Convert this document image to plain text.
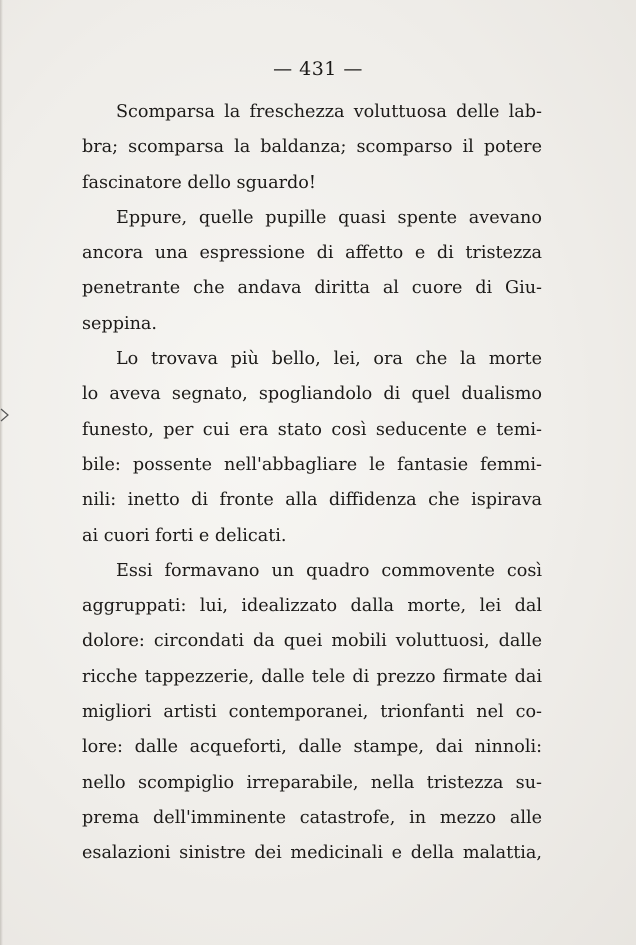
— 431 —
Scomparsa la freschezza voluttuosa delle lab-
bra; scomparsa la baldanza; scomparso il potere
fascinatore dello sguardo!
Eppure, quelle pupille quasi spente avevano
ancora una espressione di affetto e di tristezza
penetrante che andava diritta al cuore di Giu-
seppina.
Lo trovava più bello, lei, ora che la morte
lo aveva segnato, spogliandolo di quel dualismo
funesto, per cui era stato così seducente e temi-
bile: possente nell'abbagliare le fantasie femmi-
nili: inetto di fronte alla diffidenza che ispirava
ai cuori forti e delicati.
Essi formavano un quadro commovente così
aggruppati: lui, idealizzato dalla morte, lei dal
dolore: circondati da quei mobili voluttuosi, dalle
ricche tappezzerie, dalle tele di prezzo firmate dai
migliori artisti contemporanei, trionfanti nel co-
lore: dalle acqueforti, dalle stampe, dai ninnoli:
nello scompiglio irreparabile, nella tristezza su-
prema dell'imminente catastrofe, in mezzo alle
esalazioni sinistre dei medicinali e della malattia,
